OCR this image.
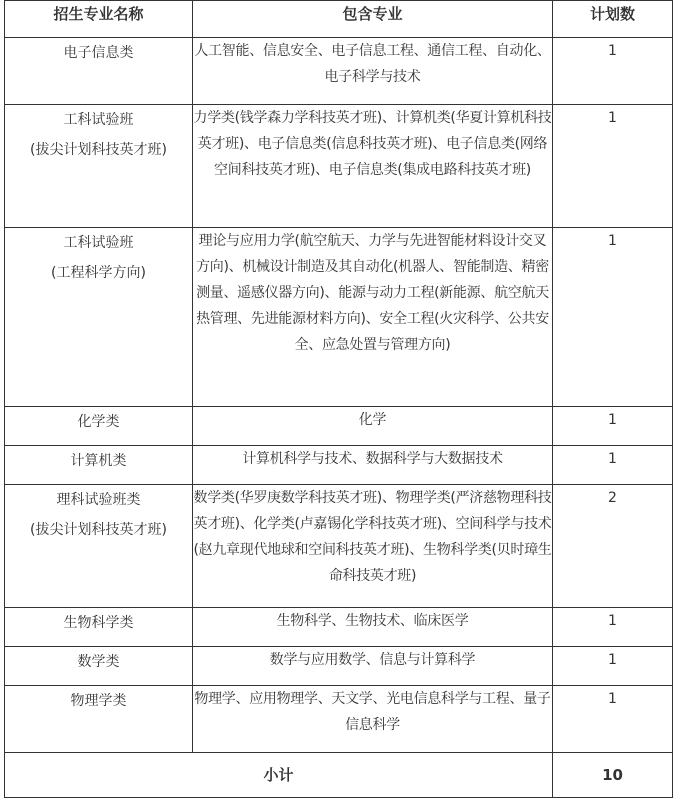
招生专业名称	包含专业	计划数

电子信息类	人工智能、信息安全、电子信息工程、通信工程、自动化、电子科学与技术	1

工科试验班
(拔尖计划科技英才班)	力学类(钱学森力学科技英才班)、计算机类(华夏计算机科技英才班)、电子信息类(信息科技英才班)、电子信息类(网络空间科技英才班)、电子信息类(集成电路科技英才班)	1

工科试验班
(工程科学方向)	理论与应用力学(航空航天、力学与先进智能材料设计交叉方向)、机械设计制造及其自动化(机器人、智能制造、精密测量、遥感仪器方向)、能源与动力工程(新能源、航空航天热管理、先进能源材料方向)、安全工程(火灾科学、公共安全、应急处置与管理方向)	1

化学类	化学	1

计算机类	计算机科学与技术、数据科学与大数据技术	1

理科试验班类
(拔尖计划科技英才班)	数学类(华罗庚数学科技英才班)、物理学类(严济慈物理科技英才班)、化学类(卢嘉锡化学科技英才班)、空间科学与技术(赵九章现代地球和空间科技英才班)、生物科学类(贝时璋生命科技英才班)	2

生物科学类	生物科学、生物技术、临床医学	1

数学类	数学与应用数学、信息与计算科学	1

物理学类	物理学、应用物理学、天文学、光电信息科学与工程、量子信息科学	1
小计		10
